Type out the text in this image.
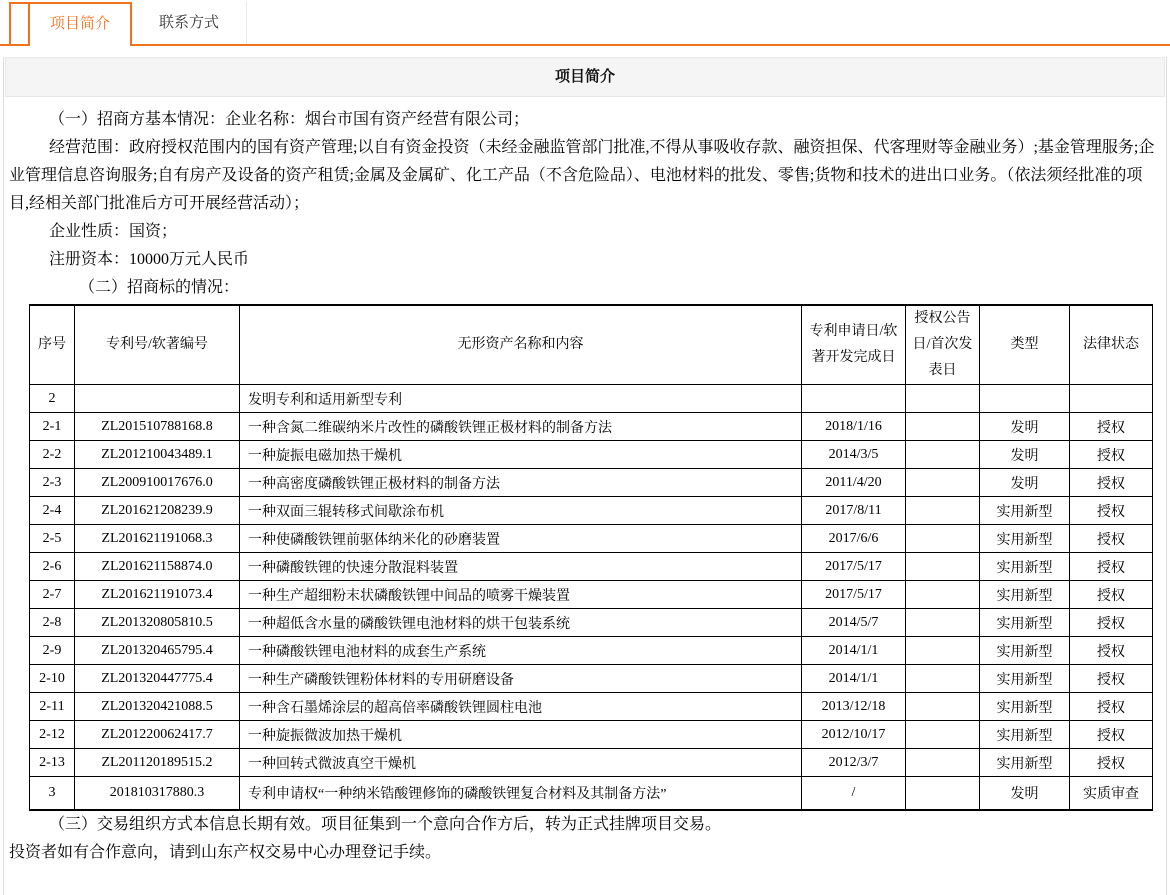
项目简介	联系方式
项目简介

（一）招商方基本情况：企业名称：烟台市国有资产经营有限公司；

经营范围：政府授权范围内的国有资产管理;以自有资金投资（未经金融监管部门批准,不得从事吸收存款、融资担保、代客理财等金融业务）;基金管理服务;企业管理信息咨询服务;自有房产及设备的资产租赁;金属及金属矿、化工产品（不含危险品）、电池材料的批发、零售;货物和技术的进出口业务。（依法须经批准的项目,经相关部门批准后方可开展经营活动）；

企业性质：国资；

注册资本：10000万元人民币

（二）招商标的情况：

序号	专利号/软著编号	无形资产名称和内容	专利申请日/软著开发完成日	授权公告日/首次发表日	类型	法律状态
2		发明专利和适用新型专利				
2-1	ZL201510788168.8	一种含氮二维碳纳米片改性的磷酸铁锂正极材料的制备方法	2018/1/16		发明	授权
2-2	ZL201210043489.1	一种旋振电磁加热干燥机	2014/3/5		发明	授权
2-3	ZL200910017676.0	一种高密度磷酸铁锂正极材料的制备方法	2011/4/20		发明	授权
2-4	ZL201621208239.9	一种双面三辊转移式间歇涂布机	2017/8/11		实用新型	授权
2-5	ZL201621191068.3	一种使磷酸铁锂前驱体纳米化的砂磨装置	2017/6/6		实用新型	授权
2-6	ZL201621158874.0	一种磷酸铁锂的快速分散混料装置	2017/5/17		实用新型	授权
2-7	ZL201621191073.4	一种生产超细粉末状磷酸铁锂中间品的喷雾干燥装置	2017/5/17		实用新型	授权
2-8	ZL201320805810.5	一种超低含水量的磷酸铁锂电池材料的烘干包装系统	2014/5/7		实用新型	授权
2-9	ZL201320465795.4	一种磷酸铁锂电池材料的成套生产系统	2014/1/1		实用新型	授权
2-10	ZL201320447775.4	一种生产磷酸铁锂粉体材料的专用研磨设备	2014/1/1		实用新型	授权
2-11	ZL201320421088.5	一种含石墨烯涂层的超高倍率磷酸铁锂圆柱电池	2013/12/18		实用新型	授权
2-12	ZL201220062417.7	一种旋振微波加热干燥机	2012/10/17		实用新型	授权
2-13	ZL201120189515.2	一种回转式微波真空干燥机	2012/3/7		实用新型	授权
3	201810317880.3	专利申请权“一种纳米锆酸锂修饰的磷酸铁锂复合材料及其制备方法”	/		发明	实质审查

（三）交易组织方式本信息长期有效。项目征集到一个意向合作方后，转为正式挂牌项目交易。

投资者如有合作意向，请到山东产权交易中心办理登记手续。
